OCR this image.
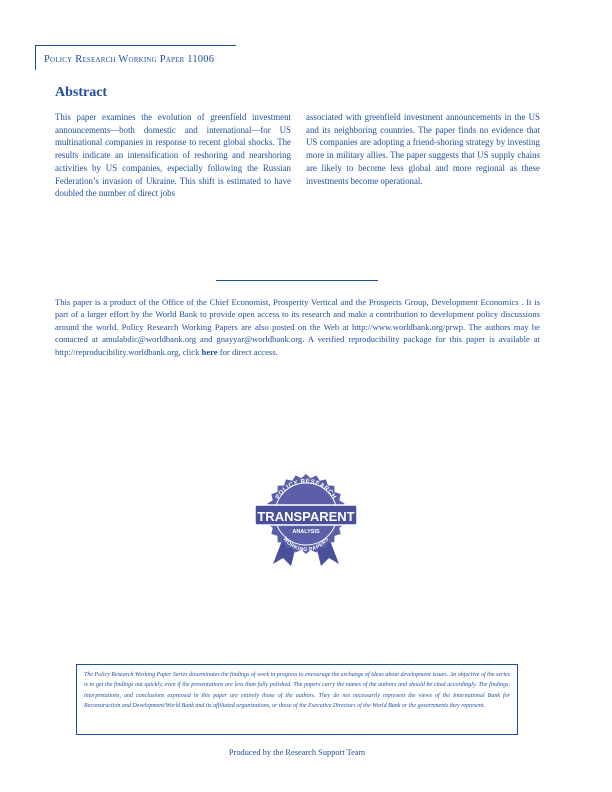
Policy Research Working Paper 11006
Abstract
This paper examines the evolution of greenfield investment announcements—both domestic and international—for US multinational companies in response to recent global shocks. The results indicate an intensification of reshoring and nearshoring activities by US companies, especially following the Russian Federation’s invasion of Ukraine. This shift is estimated to have doubled the number of direct jobs
associated with greenfield investment announcements in the US and its neighboring countries. The paper finds no evidence that US companies are adopting a friend-shoring strategy by investing more in military allies. The paper suggests that US supply chains are likely to become less global and more regional as these investments become operational.
This paper is a product of the Office of the Chief Economist, Prosperity Vertical and the Prospects Group, Development Economics . It is part of a larger effort by the World Bank to provide open access to its research and make a contribution to development policy discussions around the world. Policy Research Working Papers are also posted on the Web at http://www.worldbank.org/prwp. The authors may be contacted at amulabdic@worldbank.org and gnayyar@worldbank.org. A verified reproducibility package for this paper is available at http://reproducibility.worldbank.org, click here for direct access.
TRANSPARENT
POLICY RESEARCH
ANALYSIS
WORKING PAPERS

The Policy Research Working Paper Series disseminates the findings of work in progress to encourage the exchange of ideas about development issues. An objective of the series is to get the findings out quickly, even if the presentations are less than fully polished. The papers carry the names of the authors and should be cited accordingly. The findings, interpretations, and conclusions expressed in this paper are entirely those of the authors. They do not necessarily represent the views of the International Bank for Reconstruction and Development/World Bank and its affiliated organizations, or those of the Executive Directors of the World Bank or the governments they represent.

Produced by the Research Support Team
